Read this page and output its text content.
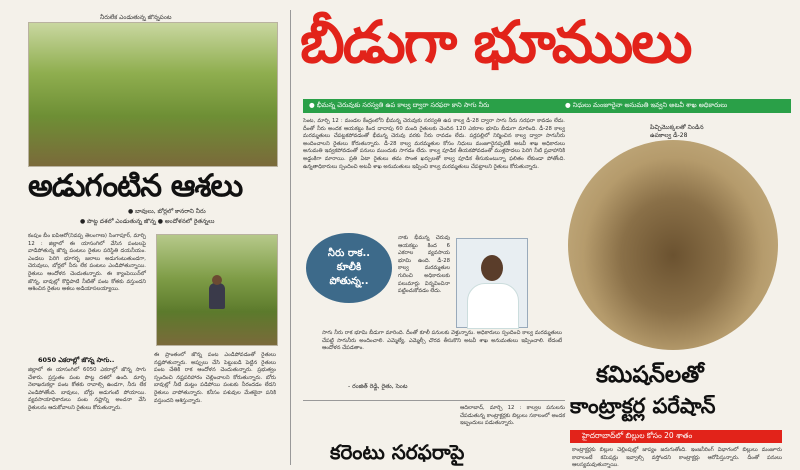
నీరులేక ఎండుతున్న జొన్నపంట
అడుగంటిన ఆశలు
● బావులు, బోర్లలో కానరాని నీరు
● పొట్ట దశలో ఎండుతున్న జొన్న ● అందోళనలో రైతన్నలు
కంపుం బీం ఐపిఆరో(నివప్ప తెలంగాణ) సింగాపూర్, మార్చి 12 : జిల్లాలో ఈ యాసంగిలో వేసిన పంటలపై వాడిపోతున్న జొన్న పంటలు రైతుల పరిస్థితి దయనీయం. ఎండలు పెరిగి భూగర్భ జలాలు అడుగంటుతుండగా, చెరువులు, బోర్లలో నీరు లేక పంటలు ఎండిపోతున్నాయి. రైతులు ఆందోళన చెందుతున్నారు. ఈ క్యాంపెయిన్‌లో జొన్న, బావుల్లో కొద్దిపాటి నీటితో పంట కోతకు వస్తుందని ఆశించిన రైతుల ఆశలు అడియాసలయ్యాయి.
6050 ఎకరాల్లో జొన్న సాగు..
జిల్లాలో ఈ యాసంగిలో 6050 ఎకరాల్లో జొన్న సాగు చేశారు. ప్రస్తుతం పంట పొట్ట దశలో ఉంది. మార్చి నెలాఖరుకల్లా పంట కోతకు రావాల్సి ఉండగా, నీరు లేక ఎండిపోతోంది. బావులు, బోర్లు అడుగంటి పోయాయి. వ్యవసాయాధికారులు పంట నష్టాన్ని అంచనా వేసి రైతులను ఆదుకోవాలని రైతులు కోరుతున్నారు.
ఈ ప్రాంతంలో జొన్న పంట ఎండిపోవడంతో రైతులు నష్టపోతున్నారు. అప్పులు చేసి పెట్టుబడి పెట్టిన రైతులు పంట చేతికి రాక ఆందోళన చెందుతున్నారు. ప్రభుత్వం స్పందించి నష్టపరిహారం చెల్లించాలని కోరుతున్నారు. బోరు బావుల్లో నీటి మట్టం పడిపోయి పంటకు నీరందడం లేదని రైతులు వాపోతున్నారు. కనీసం పశువుల మేతకైనా పనికి వస్తుందని ఆశిస్తున్నారు.
బీడుగా భూములు
● భీమన్న చెరువుకు సరస్వతి ఉప కాల్వ ద్వారా సరఫరా కాని సాగు నీరు	● నిధులు మంజూరైనా అనుమతి ఇవ్వని అటవీ శాఖ అధికారులు
సెంట, మార్చి 12 : మండల కేంద్రంలోని భీమన్న చెరువుకు సరస్వతి ఉప కాల్వ డీ-28 ద్వారా సాగు నీరు సరఫరా కావడం లేదు. దీంతో నీరు అందక ఆయకట్టు కింద దాదాపు 60 మంది రైతులకు చెందిన 120 ఎకరాల భూమి బీడుగా మారింది. డీ-28 కాల్వ మరమ్మతులు చేపట్టకపోవడంతో భీమన్న చెరువు వరకు నీరు రావడం లేదు. పర్లపల్లిలో నిర్మించిన కాల్వ ద్వారా సాగునీరు అందించాలని రైతులు కోరుతున్నారు. డీ-28 కాల్వ మరమ్మతుల కోసం నిధులు మంజూరైనప్పటికీ అటవీ శాఖ అధికారులు అనుమతి ఇవ్వకపోవడంతో పనులు ముందుకు సాగడం లేదు. కాల్వ పూడిక తీయకపోవడంతో ముళ్లపొదలు పెరిగి నీటి ప్రవాహానికి అడ్డంకిగా మారాయి. ప్రతి ఏటా రైతులు తమ సొంత ఖర్చులతో కాల్వ పూడిక తీసుకుంటున్నా ఫలితం లేకుండా పోతోంది. ఉన్నతాధికారులు స్పందించి అటవీ శాఖ అనుమతులు ఇప్పించి కాల్వ మరమ్మతులు చేపట్టాలని రైతులు కోరుతున్నారు.
పిచ్చిమొక్కలతో నిండిన ఉపకాల్వ డీ-28
నీరు రాక.. కూలీకి పోతున్న..
నాకు భీమన్న చెరువు ఆయకట్టు కింద 6 ఎకరాల వ్యవసాయ భూమి ఉంది. డీ-28 కాల్వ మరమ్మతుల గురించి అధికారులకు పలుమార్లు విన్నవించినా పట్టించుకోవడం లేదు.
సాగు నీరు రాక భూమి బీడుగా మారింది. దీంతో కూలీ పనులకు వెళ్తున్నాను. అధికారులు స్పందించి కాల్వ మరమ్మతులు చేపట్టి సాగునీరు అందించాలి. ఎమ్మెల్యే, ఎమ్మెల్సీ చొరవ తీసుకొని అటవీ శాఖ అనుమతులు ఇప్పించాలి. లేదంటే ఆందోళన చేపడతాం.
- రంజిత్ రెడ్డి, రైతు, సెంట
కరెంటు సరఫరాపై
ఆదిలాబాద్, మార్చి 12 : కాల్వల పనులను చేపడుతున్న కాంట్రాక్టర్లకు బిల్లులు సకాలంలో అందక ఇబ్బందులు పడుతున్నారు.
కమిషన్‌లతో
కాంట్రాక్టర్ల పరేషాన్
హైదరాబాద్‌లో బిల్లుల కోసం 20 శాతం
కాంట్రాక్టర్లకు బిల్లుల చెల్లింపుల్లో జాప్యం జరుగుతోంది. ఇంజనీరింగ్ విభాగంలో బిల్లులు మంజూరు కావాలంటే కమిషన్లు ఇవ్వాల్సి వస్తోందని కాంట్రాక్టర్లు ఆరోపిస్తున్నారు. దీంతో పనులు ఆలస్యమవుతున్నాయి.
